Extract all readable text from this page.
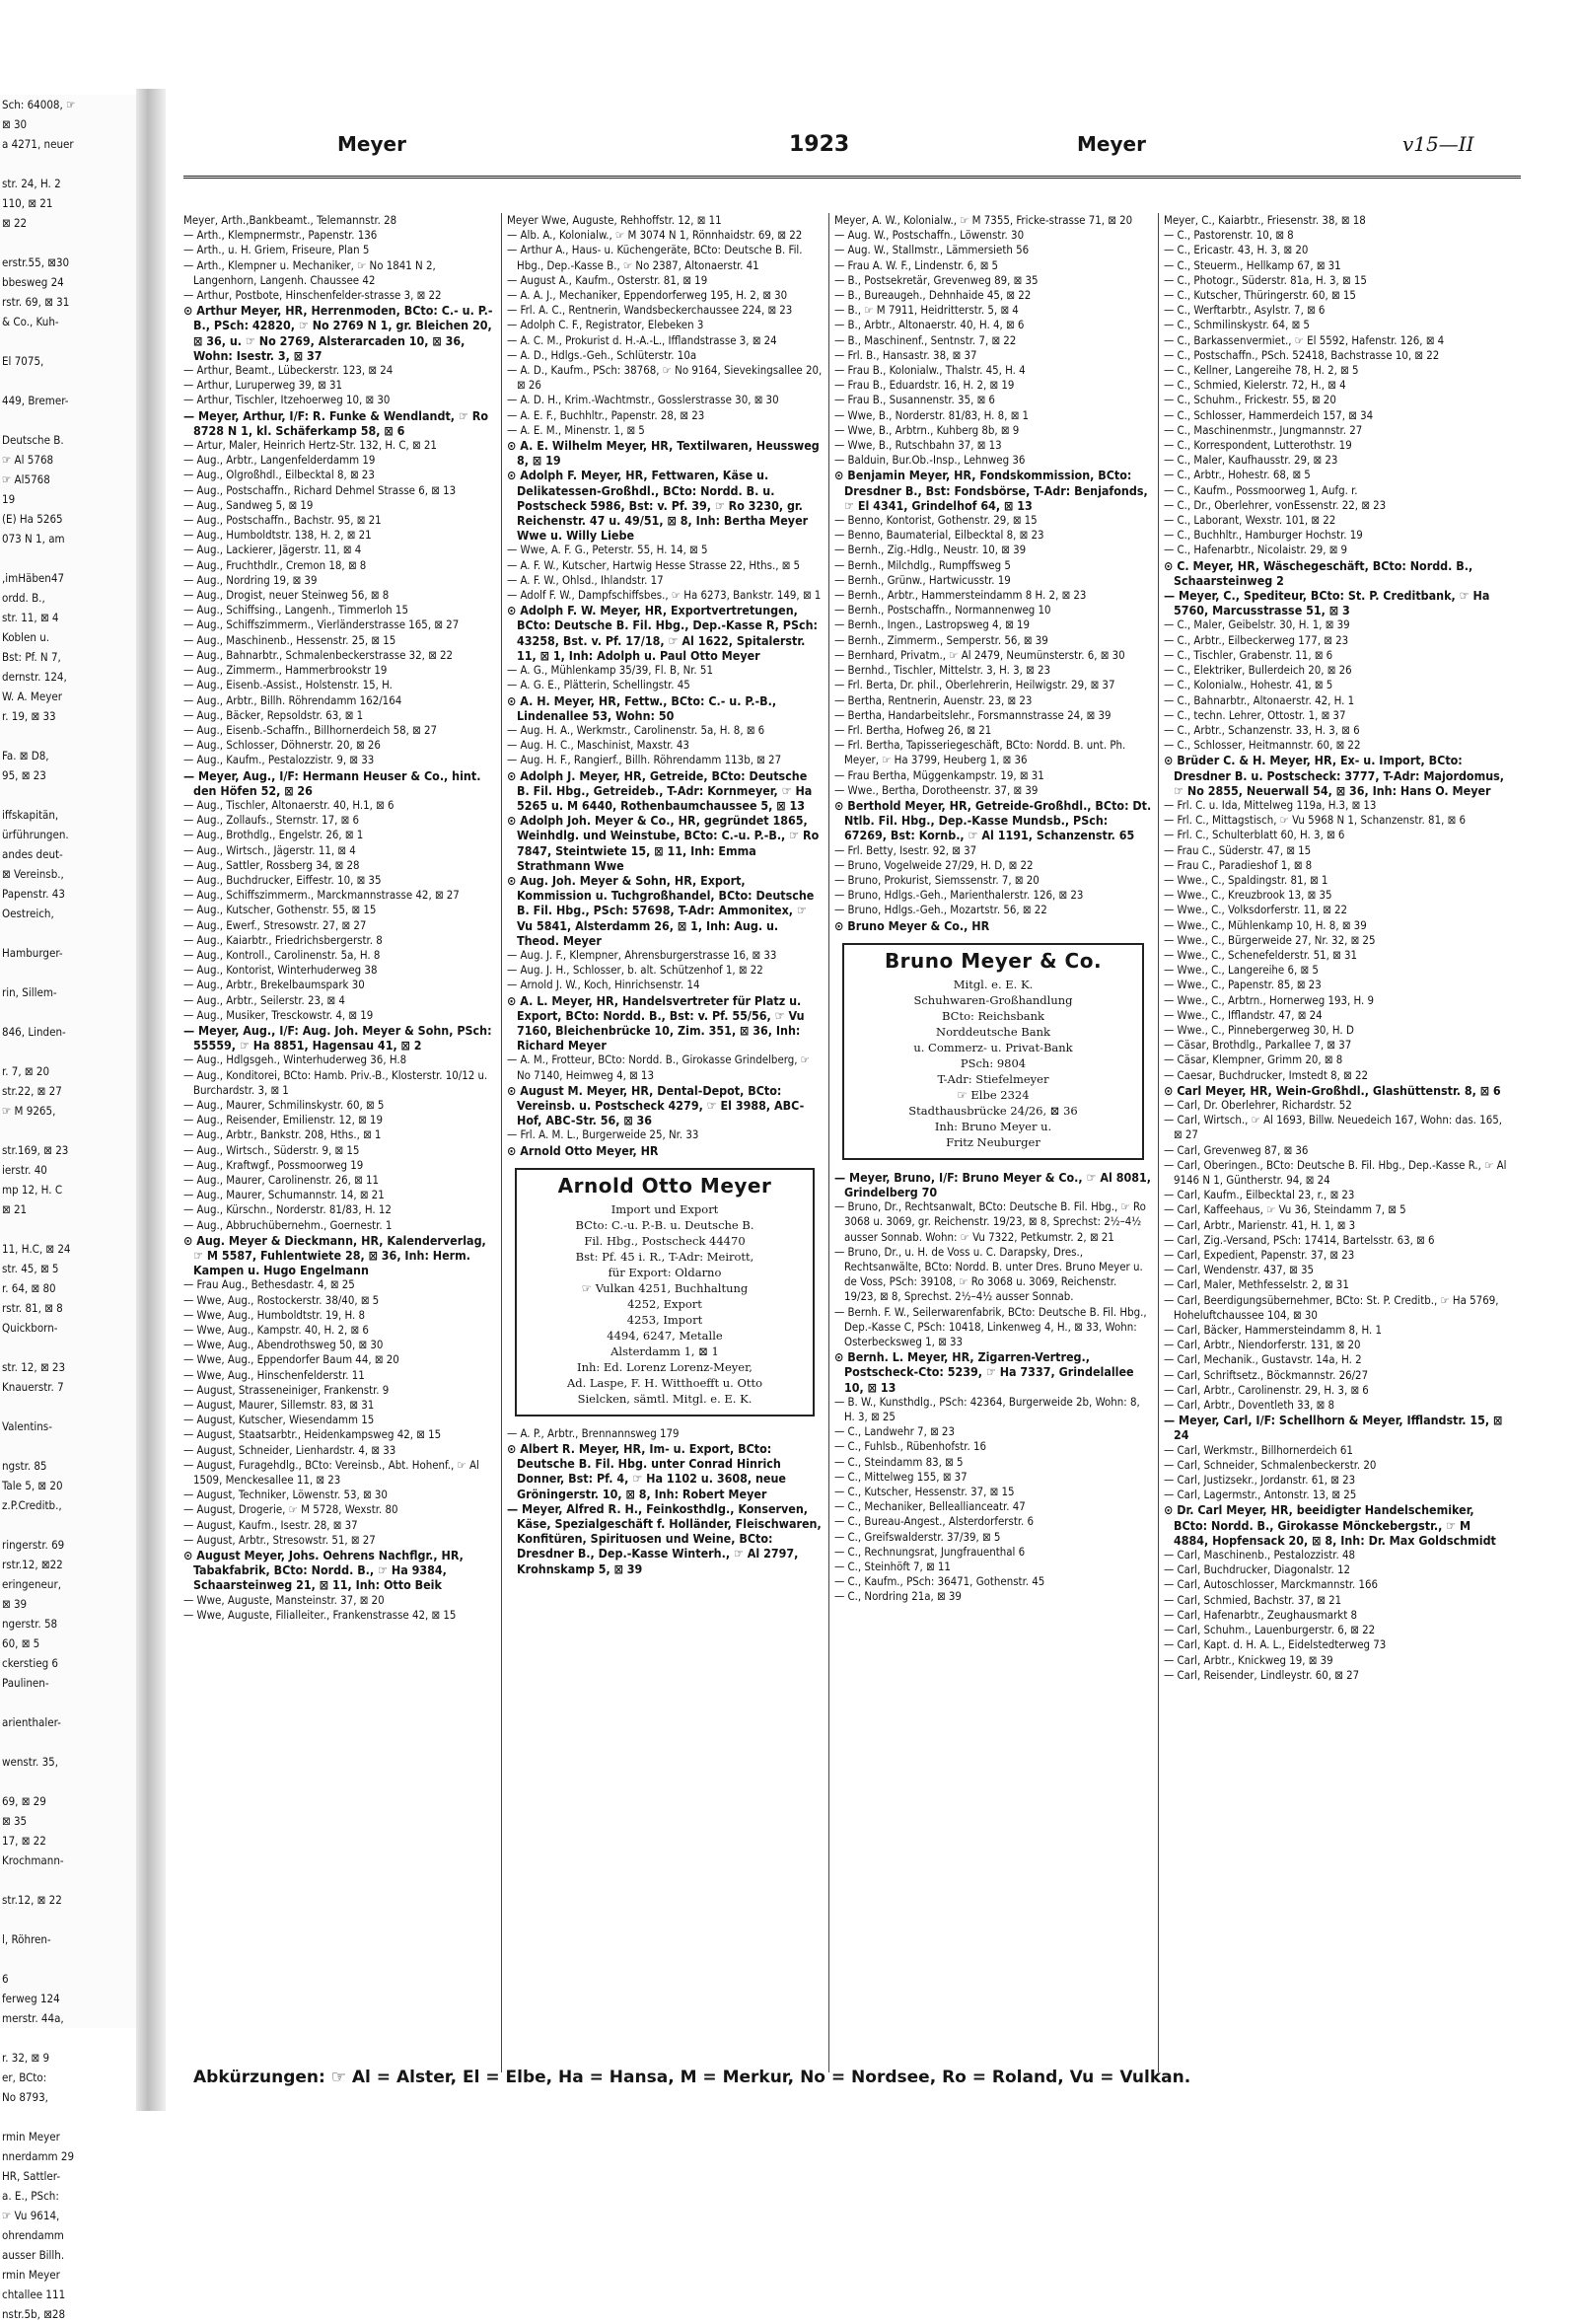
Sch: 64008, ☞
⊠ 30
a 4271, neuer

str. 24, H. 2
110, ⊠ 21
⊠ 22

erstr.55, ⊠30
bbesweg 24
rstr. 69, ⊠ 31
& Co., Kuh-

El 7075,

449, Bremer-

Deutsche B.
☞ Al 5768
☞ Al5768
19
(E) Ha 5265
073 N 1, am

,imHäben47
ordd. B.,
str. 11, ⊠ 4
Koblen u.
Bst: Pf. N 7,
dernstr. 124,
W. A. Meyer
r. 19, ⊠ 33

Fa. ⊠ D8,
95, ⊠ 23

iffskapitän,
ürführungen.
andes deut-
⊠ Vereinsb.,
Papenstr. 43
Oestreich,

Hamburger-

rin, Sillem-

846, Linden-

r. 7, ⊠ 20
str.22, ⊠ 27
☞ M 9265,

str.169, ⊠ 23
ierstr. 40
mp 12, H. C
⊠ 21

11, H.C, ⊠ 24
str. 45, ⊠ 5
r. 64, ⊠ 80
rstr. 81, ⊠ 8
Quickborn-

str. 12, ⊠ 23
Knauerstr. 7

Valentins-

ngstr. 85
Tale 5, ⊠ 20
z.P.Creditb.,

ringerstr. 69
rstr.12, ⊠22
eringeneur,
⊠ 39
ngerstr. 58
60, ⊠ 5
ckerstieg 6
Paulinen-

arienthaler-

wenstr. 35,

69, ⊠ 29
⊠ 35
17, ⊠ 22
Krochmann-

str.12, ⊠ 22

l, Röhren-

6
ferweg 124
merstr. 44a,

r. 32, ⊠ 9
er, BCto:
No 8793,

rmin Meyer
nnerdamm 29
HR, Sattler-
a. E., PSch:
☞ Vu 9614,
ohrendamm
ausser Billh.
rmin Meyer
chtallee 111
nstr.5b, ⊠28
Meyer	1923	Meyer	v15—II

Meyer, Arth.,Bankbeamt., Telemannstr. 28

— Arth., Klempnermstr., Papenstr. 136

— Arth., u. H. Griem, Friseure, Plan 5

— Arth., Klempner u. Mechaniker, ☞ No 1841 N 2, Langenhorn, Langenh. Chaussee 42

— Arthur, Postbote, Hinschenfelder-strasse 3, ⊠ 22

⊙ Arthur Meyer, HR, Herrenmoden, BCto: C.- u. P.-B., PSch: 42820, ☞ No 2769 N 1, gr. Bleichen 20, ⊠ 36, u. ☞ No 2769, Alsterarcaden 10, ⊠ 36, Wohn: Isestr. 3, ⊠ 37

— Arthur, Beamt., Lübeckerstr. 123, ⊠ 24

— Arthur, Luruperweg 39, ⊠ 31

— Arthur, Tischler, Itzehoerweg 10, ⊠ 30

— Meyer, Arthur, I/F: R. Funke & Wendlandt, ☞ Ro 8728 N 1, kl. Schäferkamp 58, ⊠ 6

— Artur, Maler, Heinrich Hertz-Str. 132, H. C, ⊠ 21

— Aug., Arbtr., Langenfelderdamm 19

— Aug., Olgroßhdl., Eilbecktal 8, ⊠ 23

— Aug., Postschaffn., Richard Dehmel Strasse 6, ⊠ 13

— Aug., Sandweg 5, ⊠ 19

— Aug., Postschaffn., Bachstr. 95, ⊠ 21

— Aug., Humboldtstr. 138, H. 2, ⊠ 21

— Aug., Lackierer, Jägerstr. 11, ⊠ 4

— Aug., Fruchthdlr., Cremon 18, ⊠ 8

— Aug., Nordring 19, ⊠ 39

— Aug., Drogist, neuer Steinweg 56, ⊠ 8

— Aug., Schiffsing., Langenh., Timmerloh 15

— Aug., Schiffszimmerm., Vierländerstrasse 165, ⊠ 27

— Aug., Maschinenb., Hessenstr. 25, ⊠ 15

— Aug., Bahnarbtr., Schmalenbeckerstrasse 32, ⊠ 22

— Aug., Zimmerm., Hammerbrookstr 19

— Aug., Eisenb.-Assist., Holstenstr. 15, H.

— Aug., Arbtr., Billh. Röhrendamm 162/164

— Aug., Bäcker, Repsoldstr. 63, ⊠ 1

— Aug., Eisenb.-Schaffn., Billhornerdeich 58, ⊠ 27

— Aug., Schlosser, Döhnerstr. 20, ⊠ 26

— Aug., Kaufm., Pestalozzistr. 9, ⊠ 33

— Meyer, Aug., I/F: Hermann Heuser & Co., hint. den Höfen 52, ⊠ 26

— Aug., Tischler, Altonaerstr. 40, H.1, ⊠ 6

— Aug., Zollaufs., Sternstr. 17, ⊠ 6

— Aug., Brothdlg., Engelstr. 26, ⊠ 1

— Aug., Wirtsch., Jägerstr. 11, ⊠ 4

— Aug., Sattler, Rossberg 34, ⊠ 28

— Aug., Buchdrucker, Eiffestr. 10, ⊠ 35

— Aug., Schiffszimmerm., Marckmannstrasse 42, ⊠ 27

— Aug., Kutscher, Gothenstr. 55, ⊠ 15

— Aug., Ewerf., Stresowstr. 27, ⊠ 27

— Aug., Kaiarbtr., Friedrichsbergerstr. 8

— Aug., Kontroll., Carolinenstr. 5a, H. 8

— Aug., Kontorist, Winterhuderweg 38

— Aug., Arbtr., Brekelbaumspark 30

— Aug., Arbtr., Seilerstr. 23, ⊠ 4

— Aug., Musiker, Tresckowstr. 4, ⊠ 19

— Meyer, Aug., I/F: Aug. Joh. Meyer & Sohn, PSch: 55559, ☞ Ha 8851, Hagensau 41, ⊠ 2

— Aug., Hdlgsgeh., Winterhuderweg 36, H.8

— Aug., Konditorei, BCto: Hamb. Priv.-B., Klosterstr. 10/12 u. Burchardstr. 3, ⊠ 1

— Aug., Maurer, Schmilinskystr. 60, ⊠ 5

— Aug., Reisender, Emilienstr. 12, ⊠ 19

— Aug., Arbtr., Bankstr. 208, Hths., ⊠ 1

— Aug., Wirtsch., Süderstr. 9, ⊠ 15

— Aug., Kraftwgf., Possmoorweg 19

— Aug., Maurer, Carolinenstr. 26, ⊠ 11

— Aug., Maurer, Schumannstr. 14, ⊠ 21

— Aug., Kürschn., Norderstr. 81/83, H. 12

— Aug., Abbruchübernehm., Goernestr. 1

⊙ Aug. Meyer & Dieckmann, HR, Kalenderverlag, ☞ M 5587, Fuhlentwiete 28, ⊠ 36, Inh: Herm. Kampen u. Hugo Engelmann

— Frau Aug., Bethesdastr. 4, ⊠ 25

— Wwe, Aug., Rostockerstr. 38/40, ⊠ 5

— Wwe, Aug., Humboldtstr. 19, H. 8

— Wwe, Aug., Kampstr. 40, H. 2, ⊠ 6

— Wwe, Aug., Abendrothsweg 50, ⊠ 30

— Wwe, Aug., Eppendorfer Baum 44, ⊠ 20

— Wwe, Aug., Hinschenfelderstr. 11

— August, Strasseneiniger, Frankenstr. 9

— August, Maurer, Sillemstr. 83, ⊠ 31

— August, Kutscher, Wiesendamm 15

— August, Staatsarbtr., Heidenkampsweg 42, ⊠ 15

— August, Schneider, Lienhardstr. 4, ⊠ 33

— August, Furagehdlg., BCto: Vereinsb., Abt. Hohenf., ☞ Al 1509, Menckesallee 11, ⊠ 23

— August, Techniker, Löwenstr. 53, ⊠ 30

— August, Drogerie, ☞ M 5728, Wexstr. 80

— August, Kaufm., Isestr. 28, ⊠ 37

— August, Arbtr., Stresowstr. 51, ⊠ 27

⊙ August Meyer, Johs. Oehrens Nachflgr., HR, Tabakfabrik, BCto: Nordd. B., ☞ Ha 9384, Schaarsteinweg 21, ⊠ 11, Inh: Otto Beik

— Wwe, Auguste, Mansteinstr. 37, ⊠ 20

— Wwe, Auguste, Filialleiter., Frankenstrasse 42, ⊠ 15

Meyer Wwe, Auguste, Rehhoffstr. 12, ⊠ 11

— Alb. A., Kolonialw., ☞ M 3074 N 1, Rönnhaidstr. 69, ⊠ 22

— Arthur A., Haus- u. Küchengeräte, BCto: Deutsche B. Fil. Hbg., Dep.-Kasse B., ☞ No 2387, Altonaerstr. 41

— August A., Kaufm., Osterstr. 81, ⊠ 19

— A. A. J., Mechaniker, Eppendorferweg 195, H. 2, ⊠ 30

— Frl. A. C., Rentnerin, Wandsbeckerchaussee 224, ⊠ 23

— Adolph C. F., Registrator, Elebeken 3

— A. C. M., Prokurist d. H.-A.-L., Ifflandstrasse 3, ⊠ 24

— A. D., Hdlgs.-Geh., Schlüterstr. 10a

— A. D., Kaufm., PSch: 38768, ☞ No 9164, Sievekingsallee 20, ⊠ 26

— A. D. H., Krim.-Wachtmstr., Gosslerstrasse 30, ⊠ 30

— A. E. F., Buchhltr., Papenstr. 28, ⊠ 23

— A. E. M., Minenstr. 1, ⊠ 5

⊙ A. E. Wilhelm Meyer, HR, Textilwaren, Heussweg 8, ⊠ 19

⊙ Adolph F. Meyer, HR, Fettwaren, Käse u. Delikatessen-Großhdl., BCto: Nordd. B. u. Postscheck 5986, Bst: v. Pf. 39, ☞ Ro 3230, gr. Reichenstr. 47 u. 49/51, ⊠ 8, Inh: Bertha Meyer Wwe u. Willy Liebe

— Wwe, A. F. G., Peterstr. 55, H. 14, ⊠ 5

— A. F. W., Kutscher, Hartwig Hesse Strasse 22, Hths., ⊠ 5

— A. F. W., Ohlsd., Ihlandstr. 17

— Adolf F. W., Dampfschiffsbes., ☞ Ha 6273, Bankstr. 149, ⊠ 1

⊙ Adolph F. W. Meyer, HR, Exportvertretungen, BCto: Deutsche B. Fil. Hbg., Dep.-Kasse R, PSch: 43258, Bst. v. Pf. 17/18, ☞ Al 1622, Spitalerstr. 11, ⊠ 1, Inh: Adolph u. Paul Otto Meyer

— A. G., Mühlenkamp 35/39, Fl. B, Nr. 51

— A. G. E., Plätterin, Schellingstr. 45

⊙ A. H. Meyer, HR, Fettw., BCto: C.- u. P.-B., Lindenallee 53, Wohn: 50

— Aug. H. A., Werkmstr., Carolinenstr. 5a, H. 8, ⊠ 6

— Aug. H. C., Maschinist, Maxstr. 43

— Aug. H. F., Rangierf., Billh. Röhrendamm 113b, ⊠ 27

⊙ Adolph J. Meyer, HR, Getreide, BCto: Deutsche B. Fil. Hbg., Getreideb., T-Adr: Kornmeyer, ☞ Ha 5265 u. M 6440, Rothenbaumchaussee 5, ⊠ 13

⊙ Adolph Joh. Meyer & Co., HR, gegründet 1865, Weinhdlg. und Weinstube, BCto: C.-u. P.-B., ☞ Ro 7847, Steintwiete 15, ⊠ 11, Inh: Emma Strathmann Wwe

⊙ Aug. Joh. Meyer & Sohn, HR, Export, Kommission u. Tuchgroßhandel, BCto: Deutsche B. Fil. Hbg., PSch: 57698, T-Adr: Ammonitex, ☞ Vu 5841, Alsterdamm 26, ⊠ 1, Inh: Aug. u. Theod. Meyer

— Aug. J. F., Klempner, Ahrensburgerstrasse 16, ⊠ 33

— Aug. J. H., Schlosser, b. alt. Schützenhof 1, ⊠ 22

— Arnold J. W., Koch, Hinrichsenstr. 14

⊙ A. L. Meyer, HR, Handelsvertreter für Platz u. Export, BCto: Nordd. B., Bst: v. Pf. 55/56, ☞ Vu 7160, Bleichenbrücke 10, Zim. 351, ⊠ 36, Inh: Richard Meyer

— A. M., Frotteur, BCto: Nordd. B., Girokasse Grindelberg, ☞ No 7140, Heimweg 4, ⊠ 13

⊙ August M. Meyer, HR, Dental-Depot, BCto: Vereinsb. u. Postscheck 4279, ☞ El 3988, ABC-Hof, ABC-Str. 56, ⊠ 36

— Frl. A. M. L., Burgerweide 25, Nr. 33

⊙ Arnold Otto Meyer, HR

Arnold Otto Meyer
Import und Export
BCto: C.-u. P.-B. u. Deutsche B.
Fil. Hbg., Postscheck 44470
Bst: Pf. 45 i. R., T-Adr: Meirott,
für Export: Oldarno
☞ Vulkan 4251, Buchhaltung
4252, Export
4253, Import
4494, 6247, Metalle
Alsterdamm 1, ⊠ 1
Inh: Ed. Lorenz Lorenz-Meyer,
Ad. Laspe, F. H. Witthoefft u. Otto
Sielcken, sämtl. Mitgl. e. E. K.

— A. P., Arbtr., Brennannsweg 179

⊙ Albert R. Meyer, HR, Im- u. Export, BCto: Deutsche B. Fil. Hbg. unter Conrad Hinrich Donner, Bst: Pf. 4, ☞ Ha 1102 u. 3608, neue Gröningerstr. 10, ⊠ 8, Inh: Robert Meyer

— Meyer, Alfred R. H., Feinkosthdlg., Konserven, Käse, Spezialgeschäft f. Holländer, Fleischwaren, Konfitüren, Spirituosen und Weine, BCto: Dresdner B., Dep.-Kasse Winterh., ☞ Al 2797, Krohnskamp 5, ⊠ 39

Meyer, A. W., Kolonialw., ☞ M 7355, Fricke-strasse 71, ⊠ 20

— Aug. W., Postschaffn., Löwenstr. 30

— Aug. W., Stallmstr., Lämmersieth 56

— Frau A. W. F., Lindenstr. 6, ⊠ 5

— B., Postsekretär, Grevenweg 89, ⊠ 35

— B., Bureaugeh., Dehnhaide 45, ⊠ 22

— B., ☞ M 7911, Heidritterstr. 5, ⊠ 4

— B., Arbtr., Altonaerstr. 40, H. 4, ⊠ 6

— B., Maschinenf., Sentnstr. 7, ⊠ 22

— Frl. B., Hansastr. 38, ⊠ 37

— Frau B., Kolonialw., Thalstr. 45, H. 4

— Frau B., Eduardstr. 16, H. 2, ⊠ 19

— Frau B., Susannenstr. 35, ⊠ 6

— Wwe, B., Norderstr. 81/83, H. 8, ⊠ 1

— Wwe, B., Arbtrn., Kuhberg 8b, ⊠ 9

— Wwe, B., Rutschbahn 37, ⊠ 13

— Balduin, Bur.Ob.-Insp., Lehnweg 36

⊙ Benjamin Meyer, HR, Fondskommission, BCto: Dresdner B., Bst: Fondsbörse, T-Adr: Benjafonds, ☞ El 4341, Grindelhof 64, ⊠ 13

— Benno, Kontorist, Gothenstr. 29, ⊠ 15

— Benno, Baumaterial, Eilbecktal 8, ⊠ 23

— Bernh., Zig.-Hdlg., Neustr. 10, ⊠ 39

— Bernh., Milchdlg., Rumpffsweg 5

— Bernh., Grünw., Hartwicusstr. 19

— Bernh., Arbtr., Hammersteindamm 8 H. 2, ⊠ 23

— Bernh., Postschaffn., Normannenweg 10

— Bernh., Ingen., Lastropsweg 4, ⊠ 19

— Bernh., Zimmerm., Semperstr. 56, ⊠ 39

— Bernhard, Privatm., ☞ Al 2479, Neumünsterstr. 6, ⊠ 30

— Bernhd., Tischler, Mittelstr. 3, H. 3, ⊠ 23

— Frl. Berta, Dr. phil., Oberlehrerin, Heilwigstr. 29, ⊠ 37

— Bertha, Rentnerin, Auenstr. 23, ⊠ 23

— Bertha, Handarbeitslehr., Forsmannstrasse 24, ⊠ 39

— Frl. Bertha, Hofweg 26, ⊠ 21

— Frl. Bertha, Tapisseriegeschäft, BCto: Nordd. B. unt. Ph. Meyer, ☞ Ha 3799, Heuberg 1, ⊠ 36

— Frau Bertha, Müggenkampstr. 19, ⊠ 31

— Wwe., Bertha, Dorotheenstr. 37, ⊠ 39

⊙ Berthold Meyer, HR, Getreide-Großhdl., BCto: Dt. Ntlb. Fil. Hbg., Dep.-Kasse Mundsb., PSch: 67269, Bst: Kornb., ☞ Al 1191, Schanzenstr. 65

— Frl. Betty, Isestr. 92, ⊠ 37

— Bruno, Vogelweide 27/29, H. D, ⊠ 22

— Bruno, Prokurist, Siemssenstr. 7, ⊠ 20

— Bruno, Hdlgs.-Geh., Marienthalerstr. 126, ⊠ 23

— Bruno, Hdlgs.-Geh., Mozartstr. 56, ⊠ 22

⊙ Bruno Meyer & Co., HR

Bruno Meyer & Co.
Mitgl. e. E. K.
Schuhwaren-Großhandlung
BCto: Reichsbank
Norddeutsche Bank
u. Commerz- u. Privat-Bank
PSch: 9804
T-Adr: Stiefelmeyer
☞ Elbe 2324
Stadthausbrücke 24/26, ⊠ 36
Inh: Bruno Meyer u.
Fritz Neuburger

— Meyer, Bruno, I/F: Bruno Meyer & Co., ☞ Al 8081, Grindelberg 70

— Bruno, Dr., Rechtsanwalt, BCto: Deutsche B. Fil. Hbg., ☞ Ro 3068 u. 3069, gr. Reichenstr. 19/23, ⊠ 8, Sprechst: 2½–4½ ausser Sonnab. Wohn: ☞ Vu 7322, Petkumstr. 2, ⊠ 21

— Bruno, Dr., u. H. de Voss u. C. Darapsky, Dres., Rechtsanwälte, BCto: Nordd. B. unter Dres. Bruno Meyer u. de Voss, PSch: 39108, ☞ Ro 3068 u. 3069, Reichenstr. 19/23, ⊠ 8, Sprechst. 2½–4½ ausser Sonnab.

— Bernh. F. W., Seilerwarenfabrik, BCto: Deutsche B. Fil. Hbg., Dep.-Kasse C, PSch: 10418, Linkenweg 4, H., ⊠ 33, Wohn: Osterbecksweg 1, ⊠ 33

⊙ Bernh. L. Meyer, HR, Zigarren-Vertreg., Postscheck-Cto: 5239, ☞ Ha 7337, Grindelallee 10, ⊠ 13

— B. W., Kunsthdlg., PSch: 42364, Burgerweide 2b, Wohn: 8, H. 3, ⊠ 25

— C., Landwehr 7, ⊠ 23

— C., Fuhlsb., Rübenhofstr. 16

— C., Steindamm 83, ⊠ 5

— C., Mittelweg 155, ⊠ 37

— C., Kutscher, Hessenstr. 37, ⊠ 15

— C., Mechaniker, Belleallianceatr. 47

— C., Bureau-Angest., Alsterdorferstr. 6

— C., Greifswalderstr. 37/39, ⊠ 5

— C., Rechnungsrat, Jungfrauenthal 6

— C., Steinhöft 7, ⊠ 11

— C., Kaufm., PSch: 36471, Gothenstr. 45

— C., Nordring 21a, ⊠ 39

Meyer, C., Kaiarbtr., Friesenstr. 38, ⊠ 18

— C., Pastorenstr. 10, ⊠ 8

— C., Ericastr. 43, H. 3, ⊠ 20

— C., Steuerm., Hellkamp 67, ⊠ 31

— C., Photogr., Süderstr. 81a, H. 3, ⊠ 15

— C., Kutscher, Thüringerstr. 60, ⊠ 15

— C., Werftarbtr., Asylstr. 7, ⊠ 6

— C., Schmilinskystr. 64, ⊠ 5

— C., Barkassenvermiet., ☞ El 5592, Hafenstr. 126, ⊠ 4

— C., Postschaffn., PSch. 52418, Bachstrasse 10, ⊠ 22

— C., Kellner, Langereihe 78, H. 2, ⊠ 5

— C., Schmied, Kielerstr. 72, H., ⊠ 4

— C., Schuhm., Frickestr. 55, ⊠ 20

— C., Schlosser, Hammerdeich 157, ⊠ 34

— C., Maschinenmstr., Jungmannstr. 27

— C., Korrespondent, Lutterothstr. 19

— C., Maler, Kaufhausstr. 29, ⊠ 23

— C., Arbtr., Hohestr. 68, ⊠ 5

— C., Kaufm., Possmoorweg 1, Aufg. r.

— C., Dr., Oberlehrer, vonEssenstr. 22, ⊠ 23

— C., Laborant, Wexstr. 101, ⊠ 22

— C., Buchhltr., Hamburger Hochstr. 19

— C., Hafenarbtr., Nicolaistr. 29, ⊠ 9

⊙ C. Meyer, HR, Wäschegeschäft, BCto: Nordd. B., Schaarsteinweg 2

— Meyer, C., Spediteur, BCto: St. P. Creditbank, ☞ Ha 5760, Marcusstrasse 51, ⊠ 3

— C., Maler, Geibelstr. 30, H. 1, ⊠ 39

— C., Arbtr., Eilbeckerweg 177, ⊠ 23

— C., Tischler, Grabenstr. 11, ⊠ 6

— C., Elektriker, Bullerdeich 20, ⊠ 26

— C., Kolonialw., Hohestr. 41, ⊠ 5

— C., Bahnarbtr., Altonaerstr. 42, H. 1

— C., techn. Lehrer, Ottostr. 1, ⊠ 37

— C., Arbtr., Schanzenstr. 33, H. 3, ⊠ 6

— C., Schlosser, Heitmannstr. 60, ⊠ 22

⊙ Brüder C. & H. Meyer, HR, Ex- u. Import, BCto: Dresdner B. u. Postscheck: 3777, T-Adr: Majordomus, ☞ No 2855, Neuerwall 54, ⊠ 36, Inh: Hans O. Meyer

— Frl. C. u. Ida, Mittelweg 119a, H.3, ⊠ 13

— Frl. C., Mittagstisch, ☞ Vu 5968 N 1, Schanzenstr. 81, ⊠ 6

— Frl. C., Schulterblatt 60, H. 3, ⊠ 6

— Frau C., Süderstr. 47, ⊠ 15

— Frau C., Paradieshof 1, ⊠ 8

— Wwe., C., Spaldingstr. 81, ⊠ 1

— Wwe., C., Kreuzbrook 13, ⊠ 35

— Wwe., C., Volksdorferstr. 11, ⊠ 22

— Wwe., C., Mühlenkamp 10, H. 8, ⊠ 39

— Wwe., C., Bürgerweide 27, Nr. 32, ⊠ 25

— Wwe., C., Schenefelderstr. 51, ⊠ 31

— Wwe., C., Langereihe 6, ⊠ 5

— Wwe., C., Papenstr. 85, ⊠ 23

— Wwe., C., Arbtrn., Hornerweg 193, H. 9

— Wwe., C., Ifflandstr. 47, ⊠ 24

— Wwe., C., Pinnebergerweg 30, H. D

— Cäsar, Brothdlg., Parkallee 7, ⊠ 37

— Cäsar, Klempner, Grimm 20, ⊠ 8

— Caesar, Buchdrucker, Imstedt 8, ⊠ 22

⊙ Carl Meyer, HR, Wein-Großhdl., Glashüttenstr. 8, ⊠ 6

— Carl, Dr. Oberlehrer, Richardstr. 52

— Carl, Wirtsch., ☞ Al 1693, Billw. Neuedeich 167, Wohn: das. 165, ⊠ 27

— Carl, Grevenweg 87, ⊠ 36

— Carl, Oberingen., BCto: Deutsche B. Fil. Hbg., Dep.-Kasse R., ☞ Al 9146 N 1, Güntherstr. 94, ⊠ 24

— Carl, Kaufm., Eilbecktal 23, r., ⊠ 23

— Carl, Kaffeehaus, ☞ Vu 36, Steindamm 7, ⊠ 5

— Carl, Arbtr., Marienstr. 41, H. 1, ⊠ 3

— Carl, Zig.-Versand, PSch: 17414, Bartelsstr. 63, ⊠ 6

— Carl, Expedient, Papenstr. 37, ⊠ 23

— Carl, Wendenstr. 437, ⊠ 35

— Carl, Maler, Methfesselstr. 2, ⊠ 31

— Carl, Beerdigungsübernehmer, BCto: St. P. Creditb., ☞ Ha 5769, Hoheluftchaussee 104, ⊠ 30

— Carl, Bäcker, Hammersteindamm 8, H. 1

— Carl, Arbtr., Niendorferstr. 131, ⊠ 20

— Carl, Mechanik., Gustavstr. 14a, H. 2

— Carl, Schriftsetz., Böckmannstr. 26/27

— Carl, Arbtr., Carolinenstr. 29, H. 3, ⊠ 6

— Carl, Arbtr., Doventleth 33, ⊠ 8

— Meyer, Carl, I/F: Schellhorn & Meyer, Ifflandstr. 15, ⊠ 24

— Carl, Werkmstr., Billhornerdeich 61

— Carl, Schneider, Schmalenbeckerstr. 20

— Carl, Justizsekr., Jordanstr. 61, ⊠ 23

— Carl, Lagermstr., Antonstr. 13, ⊠ 25

⊙ Dr. Carl Meyer, HR, beeidigter Handelschemiker, BCto: Nordd. B., Girokasse Mönckebergstr., ☞ M 4884, Hopfensack 20, ⊠ 8, Inh: Dr. Max Goldschmidt

— Carl, Maschinenb., Pestalozzistr. 48

— Carl, Buchdrucker, Diagonalstr. 12

— Carl, Autoschlosser, Marckmannstr. 166

— Carl, Schmied, Bachstr. 37, ⊠ 21

— Carl, Hafenarbtr., Zeughausmarkt 8

— Carl, Schuhm., Lauenburgerstr. 6, ⊠ 22

— Carl, Kapt. d. H. A. L., Eidelstedterweg 73

— Carl, Arbtr., Knickweg 19, ⊠ 39

— Carl, Reisender, Lindleystr. 60, ⊠ 27

Abkürzungen: ☞ Al = Alster, El = Elbe, Ha = Hansa, M = Merkur, No = Nordsee, Ro = Roland, Vu = Vulkan.
